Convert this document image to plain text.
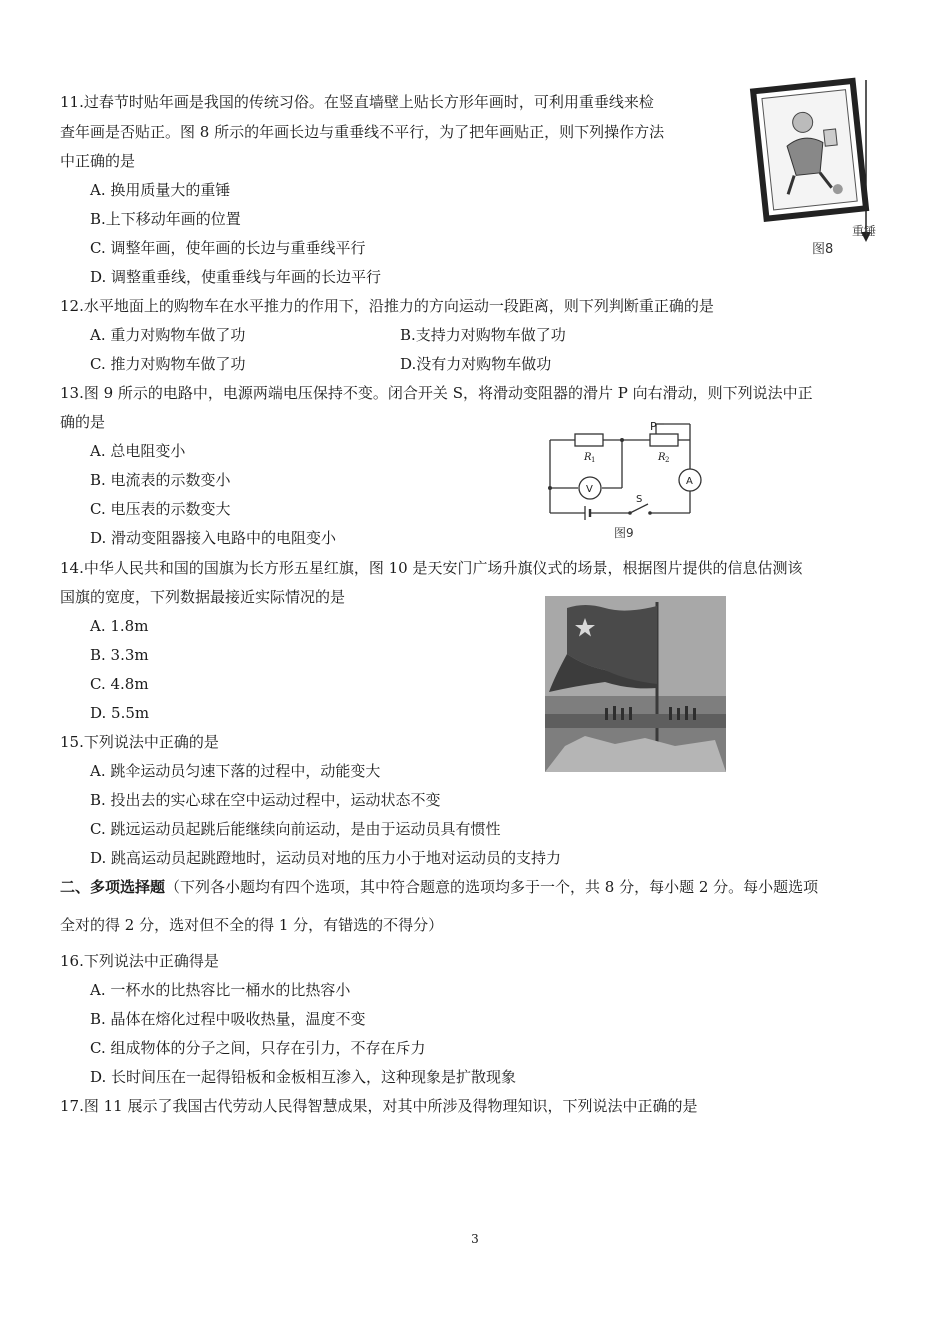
11.过春节时贴年画是我国的传统习俗。在竖直墙壁上贴长方形年画时，可利用重垂线来检
查年画是否贴正。图 8 所示的年画长边与重垂线不平行，为了把年画贴正，则下列操作方法
中正确的是
A. 换用质量大的重锤
B.上下移动年画的位置
C. 调整年画，使年画的长边与重垂线平行
D. 调整重垂线，使重垂线与年画的长边平行
重锤
图8
12.水平地面上的购物车在水平推力的作用下，沿推力的方向运动一段距离，则下列判断重正确的是
A. 重力对购物车做了功	B.支持力对购物车做了功
C. 推力对购物车做了功	D.没有力对购物车做功
13.图 9 所示的电路中，电源两端电压保持不变。闭合开关 S，将滑动变阻器的滑片 P 向右滑动，则下列说法中正
确的是
A. 总电阻变小
B. 电流表的示数变小
C. 电压表的示数变大
D. 滑动变阻器接入电路中的电阻变小
P
R 1	R 2
V
A
S
图9
14.中华人民共和国的国旗为长方形五星红旗，图 10 是天安门广场升旗仪式的场景，根据图片提供的信息估测该
国旗的宽度，下列数据最接近实际情况的是
A. 1.8m
B. 3.3m
C. 4.8m
D. 5.5m
15.下列说法中正确的是
A. 跳伞运动员匀速下落的过程中，动能变大
B. 投出去的实心球在空中运动过程中，运动状态不变
C. 跳远运动员起跳后能继续向前运动，是由于运动员具有惯性
D. 跳高运动员起跳蹬地时，运动员对地的压力小于地对运动员的支持力
二、多项选择题（下列各小题均有四个选项，其中符合题意的选项均多于一个，共 8 分，每小题 2 分。每小题选项
全对的得 2 分，选对但不全的得 1 分，有错选的不得分）
16.下列说法中正确得是
A. 一杯水的比热容比一桶水的比热容小
B. 晶体在熔化过程中吸收热量，温度不变
C. 组成物体的分子之间，只存在引力，不存在斥力
D. 长时间压在一起得铅板和金板相互渗入，这种现象是扩散现象
17.图 11 展示了我国古代劳动人民得智慧成果，对其中所涉及得物理知识，下列说法中正确的是
3
